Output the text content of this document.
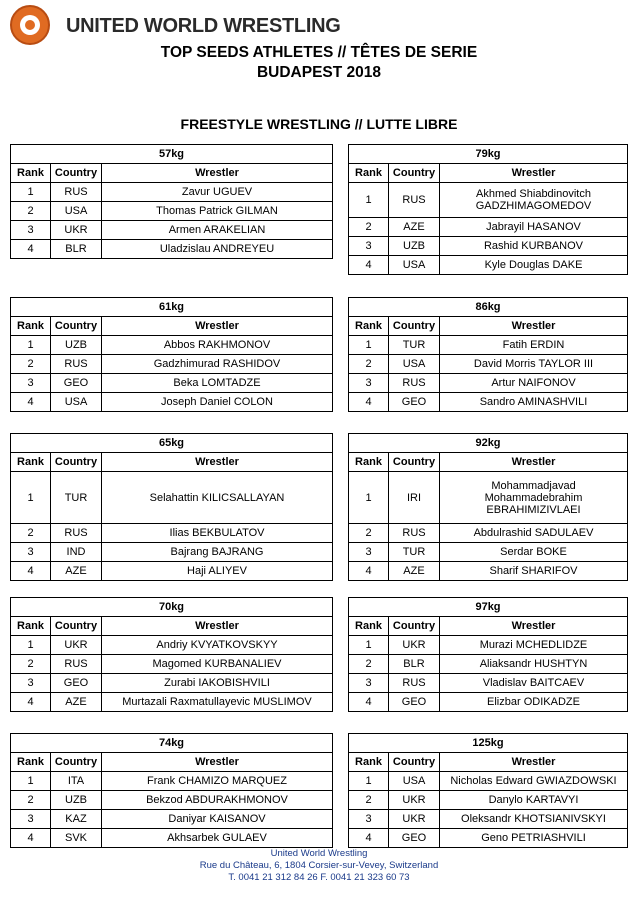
UNITED WORLD WRESTLING
TOP SEEDS ATHLETES // TÊTES DE SERIE
BUDAPEST 2018
FREESTYLE WRESTLING // LUTTE LIBRE
57kg		
Rank	Country	Wrestler
1	RUS	Zavur UGUEV
2	USA	Thomas Patrick GILMAN
3	UKR	Armen ARAKELIAN
4	BLR	Uladzislau ANDREYEU
79kg		
Rank	Country	Wrestler
1	RUS	Akhmed Shiabdinovitch GADZHIMAGOMEDOV
2	AZE	Jabrayil HASANOV
3	UZB	Rashid KURBANOV
4	USA	Kyle Douglas DAKE
61kg		
Rank	Country	Wrestler
1	UZB	Abbos RAKHMONOV
2	RUS	Gadzhimurad RASHIDOV
3	GEO	Beka LOMTADZE
4	USA	Joseph Daniel COLON
86kg		
Rank	Country	Wrestler
1	TUR	Fatih ERDIN
2	USA	David Morris TAYLOR III
3	RUS	Artur NAIFONOV
4	GEO	Sandro AMINASHVILI
65kg		
Rank	Country	Wrestler
1	TUR	Selahattin KILICSALLAYAN
2	RUS	Ilias BEKBULATOV
3	IND	Bajrang BAJRANG
4	AZE	Haji ALIYEV
92kg		
Rank	Country	Wrestler
1	IRI	Mohammadjavad Mohammadebrahim EBRAHIMIZIVLAEI
2	RUS	Abdulrashid SADULAEV
3	TUR	Serdar BOKE
4	AZE	Sharif SHARIFOV
70kg		
Rank	Country	Wrestler
1	UKR	Andriy KVYATKOVSKYY
2	RUS	Magomed KURBANALIEV
3	GEO	Zurabi IAKOBISHVILI
4	AZE	Murtazali Raxmatullayevic MUSLIMOV
97kg		
Rank	Country	Wrestler
1	UKR	Murazi MCHEDLIDZE
2	BLR	Aliaksandr HUSHTYN
3	RUS	Vladislav BAITCAEV
4	GEO	Elizbar ODIKADZE
74kg		
Rank	Country	Wrestler
1	ITA	Frank CHAMIZO MARQUEZ
2	UZB	Bekzod ABDURAKHMONOV
3	KAZ	Daniyar KAISANOV
4	SVK	Akhsarbek GULAEV
125kg		
Rank	Country	Wrestler
1	USA	Nicholas Edward GWIAZDOWSKI
2	UKR	Danylo KARTAVYI
3	UKR	Oleksandr KHOTSIANIVSKYI
4	GEO	Geno PETRIASHVILI
United World Wrestling
Rue du Château, 6, 1804 Corsier-sur-Vevey, Switzerland
T. 0041 21 312 84 26 F. 0041 21 323 60 73
